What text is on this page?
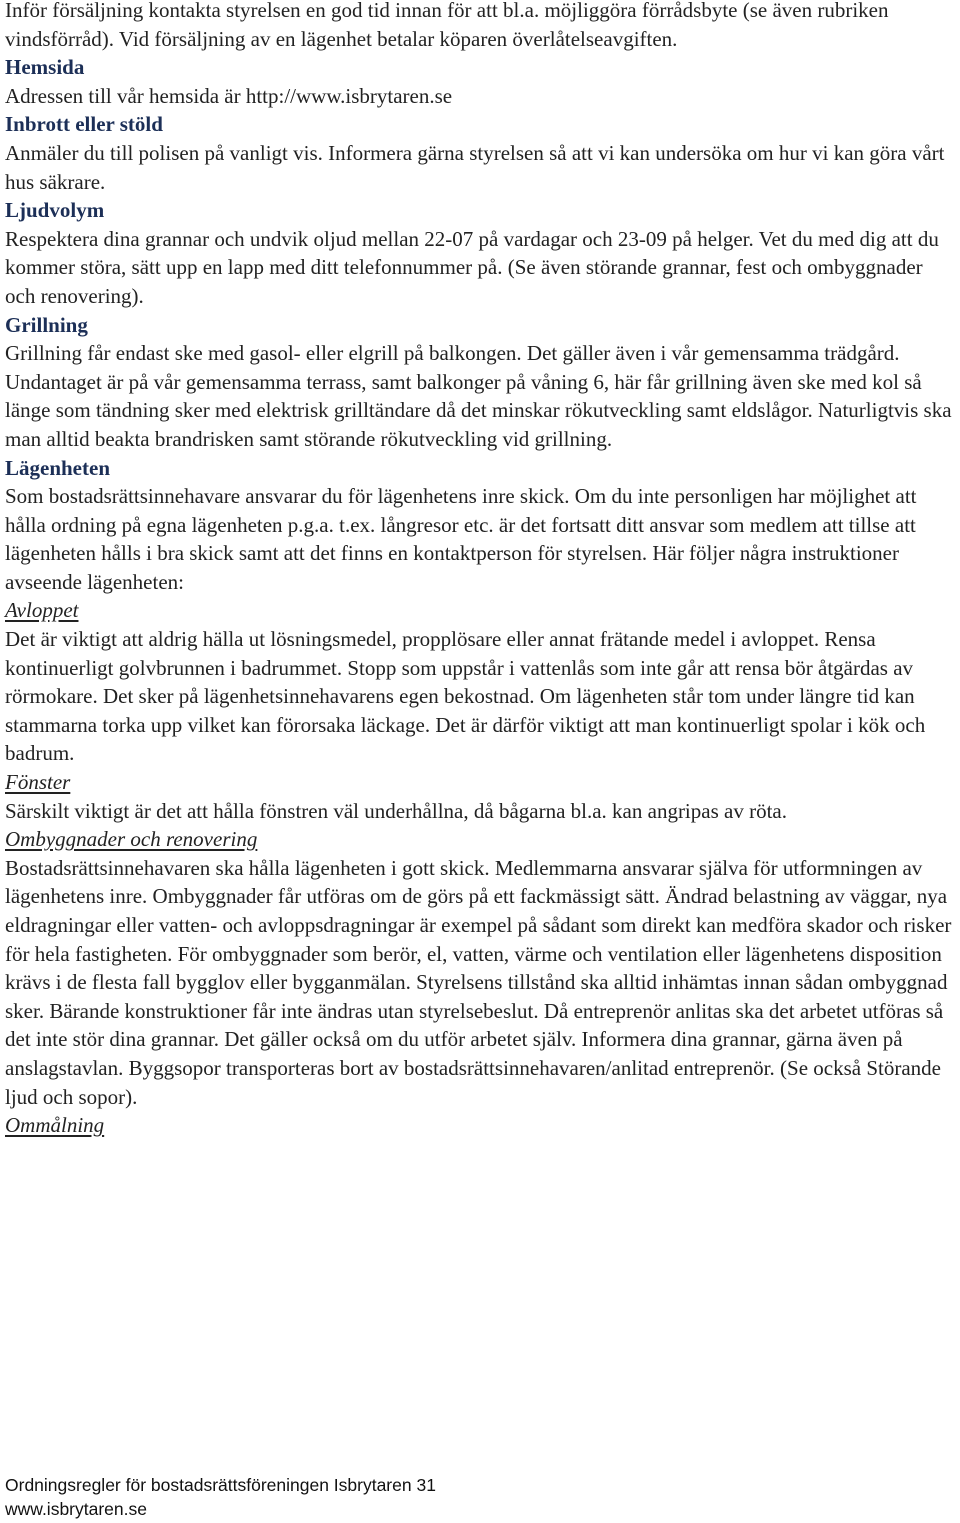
Inför försäljning kontakta styrelsen en god tid innan för att bl.a. möjliggöra förrådsbyte (se även rubriken vindsförråd). Vid försäljning av en lägenhet betalar köparen överlåtelseavgiften.

Hemsida

Adressen till vår hemsida är http://www.isbrytaren.se

Inbrott eller stöld

Anmäler du till polisen på vanligt vis. Informera gärna styrelsen så att vi kan undersöka om hur vi kan göra vårt hus säkrare.

Ljudvolym

Respektera dina grannar och undvik oljud mellan 22-07 på vardagar och 23-09 på helger. Vet du med dig att du kommer störa, sätt upp en lapp med ditt telefonnummer på. (Se även störande grannar, fest och ombyggnader och renovering).

Grillning

Grillning får endast ske med gasol- eller elgrill på balkongen. Det gäller även i vår gemensamma trädgård. Undantaget är på vår gemensamma terrass, samt balkonger på våning 6, här får grillning även ske med kol så länge som tändning sker med elektrisk grilltändare då det minskar rökutveckling samt eldslågor. Naturligtvis ska man alltid beakta brandrisken samt störande rökutveckling vid grillning.

Lägenheten

Som bostadsrättsinnehavare ansvarar du för lägenhetens inre skick. Om du inte personligen har möjlighet att hålla ordning på egna lägenheten p.g.a. t.ex. långresor etc. är det fortsatt ditt ansvar som medlem att tillse att lägenheten hålls i bra skick samt att det finns en kontaktperson för styrelsen. Här följer några instruktioner avseende lägenheten:

Avloppet

Det är viktigt att aldrig hälla ut lösningsmedel, propplösare eller annat frätande medel i avloppet. Rensa kontinuerligt golvbrunnen i badrummet. Stopp som uppstår i vattenlås som inte går att rensa bör åtgärdas av rörmokare. Det sker på lägenhetsinnehavarens egen bekostnad. Om lägenheten står tom under längre tid kan stammarna torka upp vilket kan förorsaka läckage. Det är därför viktigt att man kontinuerligt spolar i kök och badrum.

Fönster

Särskilt viktigt är det att hålla fönstren väl underhållna, då bågarna bl.a. kan angripas av röta.

Ombyggnader och renovering

Bostadsrättsinnehavaren ska hålla lägenheten i gott skick. Medlemmarna ansvarar själva för utformningen av lägenhetens inre. Ombyggnader får utföras om de görs på ett fackmässigt sätt. Ändrad belastning av väggar, nya eldragningar eller vatten- och avloppsdragningar är exempel på sådant som direkt kan medföra skador och risker för hela fastigheten. För ombyggnader som berör, el, vatten, värme och ventilation eller lägenhetens disposition krävs i de flesta fall bygglov eller bygganmälan. Styrelsens tillstånd ska alltid inhämtas innan sådan ombyggnad sker. Bärande konstruktioner får inte ändras utan styrelsebeslut. Då entreprenör anlitas ska det arbetet utföras så det inte stör dina grannar. Det gäller också om du utför arbetet själv. Informera dina grannar, gärna även på anslagstavlan. Byggsopor transporteras bort av bostadsrättsinnehavaren/anlitad entreprenör. (Se också Störande ljud och sopor).

Ommålning

Ordningsregler för bostadsrättsföreningen Isbrytaren 31

www.isbrytaren.se
